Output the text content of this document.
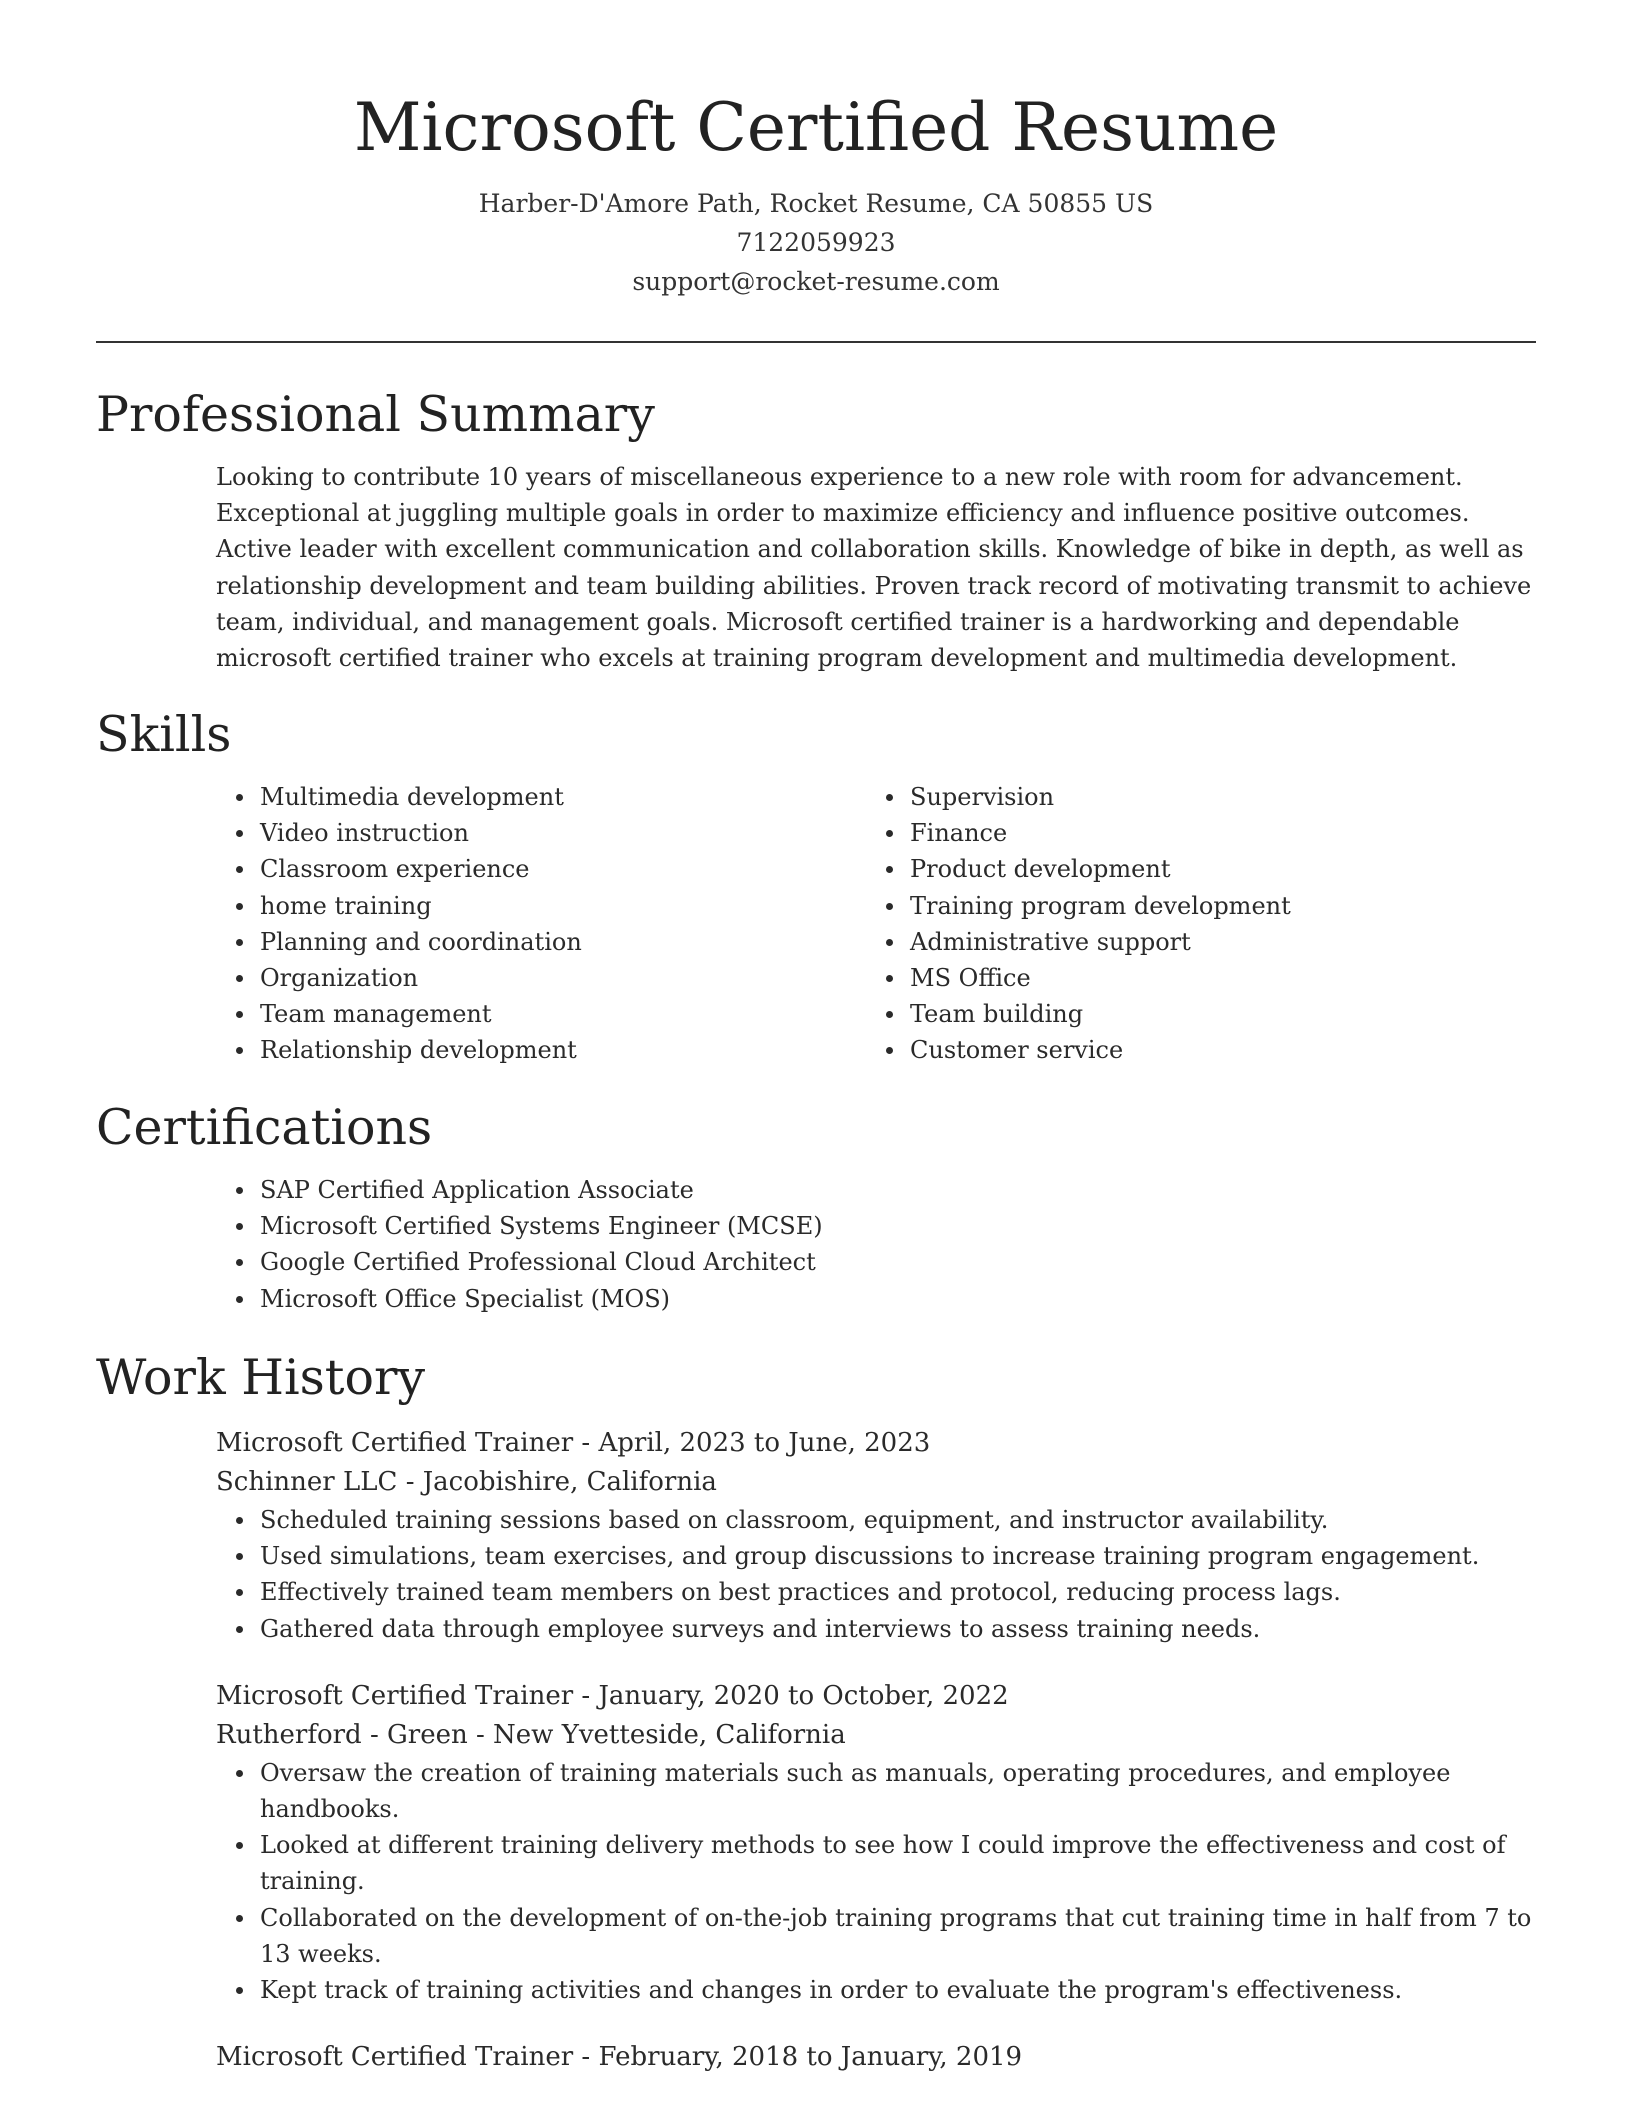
Microsoft Certified Resume
Harber-D'Amore Path, Rocket Resume, CA 50855 US
7122059923
support@rocket-resume.com
Professional Summary
Looking to contribute 10 years of miscellaneous experience to a new role with room for advancement. Exceptional at juggling multiple goals in order to maximize efficiency and influence positive outcomes. Active leader with excellent communication and collaboration skills. Knowledge of bike in depth, as well as relationship development and team building abilities. Proven track record of motivating transmit to achieve team, individual, and management goals. Microsoft certified trainer is a hardworking and dependable microsoft certified trainer who excels at training program development and multimedia development.
Skills
Multimedia development
Video instruction
Classroom experience
home training
Planning and coordination
Organization
Team management
Relationship development
Supervision
Finance
Product development
Training program development
Administrative support
MS Office
Team building
Customer service
Certifications
SAP Certified Application Associate
Microsoft Certified Systems Engineer (MCSE)
Google Certified Professional Cloud Architect
Microsoft Office Specialist (MOS)
Work History
Microsoft Certified Trainer - April, 2023 to June, 2023
Schinner LLC - Jacobishire, California
Scheduled training sessions based on classroom, equipment, and instructor availability.
Used simulations, team exercises, and group discussions to increase training program engagement.
Effectively trained team members on best practices and protocol, reducing process lags.
Gathered data through employee surveys and interviews to assess training needs.
Microsoft Certified Trainer - January, 2020 to October, 2022
Rutherford - Green - New Yvetteside, California
Oversaw the creation of training materials such as manuals, operating procedures, and employee handbooks.
Looked at different training delivery methods to see how I could improve the effectiveness and cost of training.
Collaborated on the development of on-the-job training programs that cut training time in half from 7 to 13 weeks.
Kept track of training activities and changes in order to evaluate the program's effectiveness.
Microsoft Certified Trainer - February, 2018 to January, 2019
